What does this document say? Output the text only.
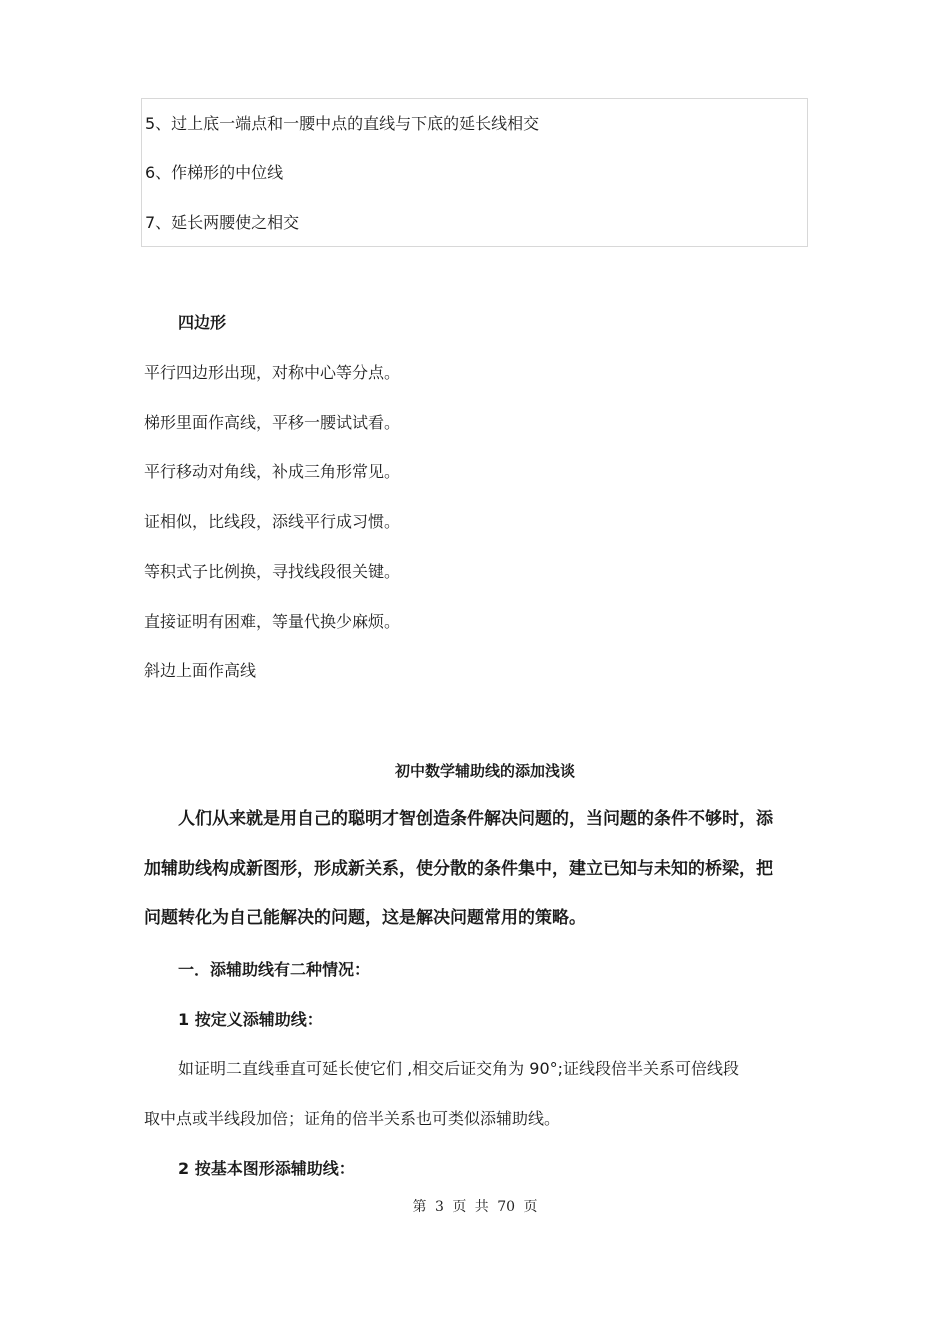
5、过上底一端点和一腰中点的直线与下底的延长线相交
6、作梯形的中位线
7、延长两腰使之相交
四边形
平行四边形出现，对称中心等分点。
梯形里面作高线，平移一腰试试看。
平行移动对角线，补成三角形常见。
证相似，比线段，添线平行成习惯。
等积式子比例换，寻找线段很关键。
直接证明有困难，等量代换少麻烦。
斜边上面作高线
初中数学辅助线的添加浅谈
人们从来就是用自己的聪明才智创造条件解决问题的，当问题的条件不够时，添
加辅助线构成新图形，形成新关系，使分散的条件集中，建立已知与未知的桥梁，把
问题转化为自己能解决的问题，这是解决问题常用的策略。
一．添辅助线有二种情况：
1 按定义添辅助线：
如证明二直线垂直可延长使它们 ,相交后证交角为 90°;证线段倍半关系可倍线段
取中点或半线段加倍；证角的倍半关系也可类似添辅助线。
2 按基本图形添辅助线：
第 3 页 共 70 页
